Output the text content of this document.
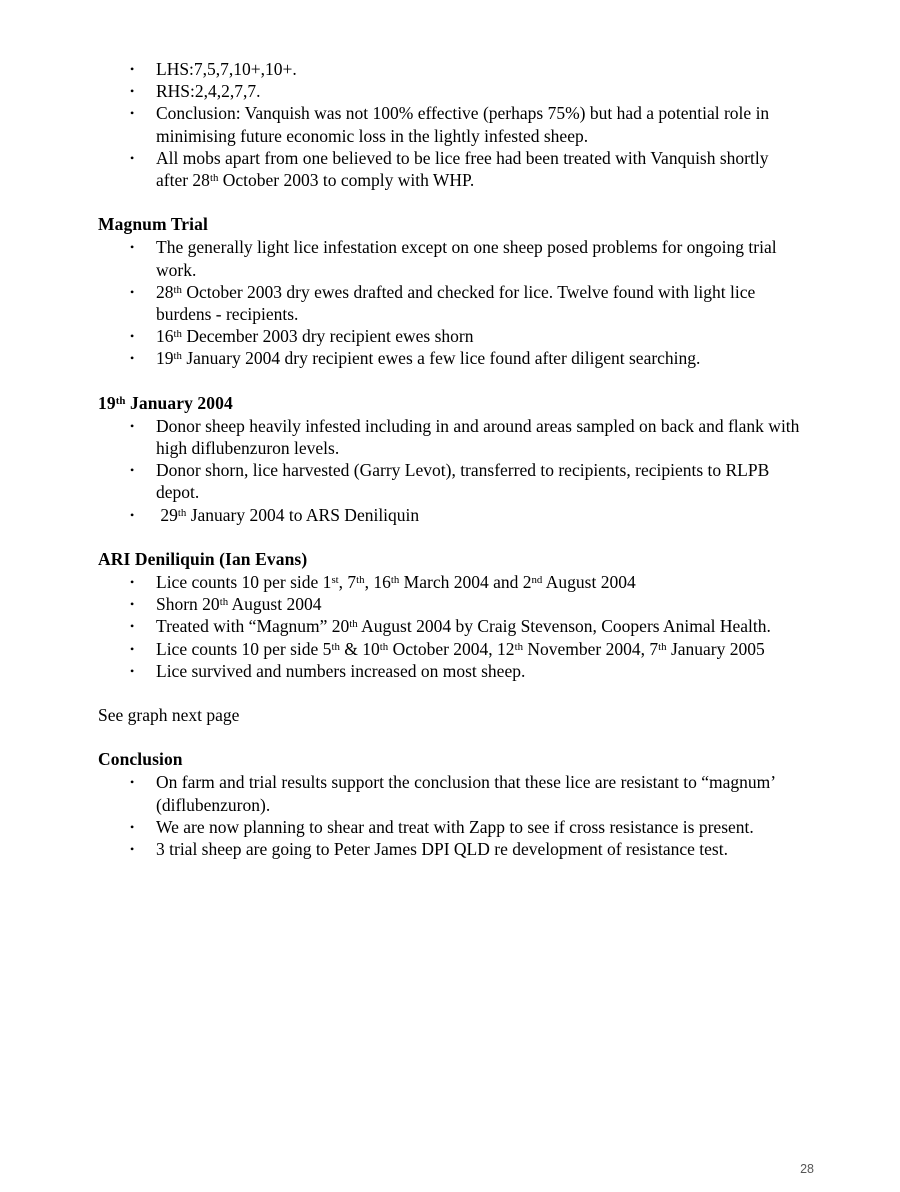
• LHS:7,5,7,10+,10+.
• RHS:2,4,2,7,7.
• Conclusion: Vanquish was not 100% effective (perhaps 75%) but had a potential role in minimising future economic loss in the lightly infested sheep.
• All mobs apart from one believed to be lice free had been treated with Vanquish shortly after 28th October 2003 to comply with WHP.
Magnum Trial
• The generally light lice infestation except on one sheep posed problems for ongoing trial work.
• 28th October 2003 dry ewes drafted and checked for lice. Twelve found with light lice burdens - recipients.
• 16th December 2003 dry recipient ewes shorn
• 19th January 2004 dry recipient ewes a few lice found after diligent searching.
19th January 2004
• Donor sheep heavily infested including in and around areas sampled on back and flank with high diflubenzuron levels.
• Donor shorn, lice harvested (Garry Levot), transferred to recipients, recipients to RLPB depot.
•  29th January 2004 to ARS Deniliquin
ARI Deniliquin (Ian Evans)
• Lice counts 10 per side 1st, 7th, 16th March 2004 and 2nd August 2004
• Shorn 20th August 2004
• Treated with “Magnum” 20th August 2004 by Craig Stevenson, Coopers Animal Health.
• Lice counts 10 per side 5th & 10th October 2004, 12th November 2004, 7th January 2005
• Lice survived and numbers increased on most sheep.
See graph next page
Conclusion
• On farm and trial results support the conclusion that these lice are resistant to “magnum’ (diflubenzuron).
• We are now planning to shear and treat with Zapp to see if cross resistance is present.
• 3 trial sheep are going to Peter James DPI QLD re development of resistance test.
28
